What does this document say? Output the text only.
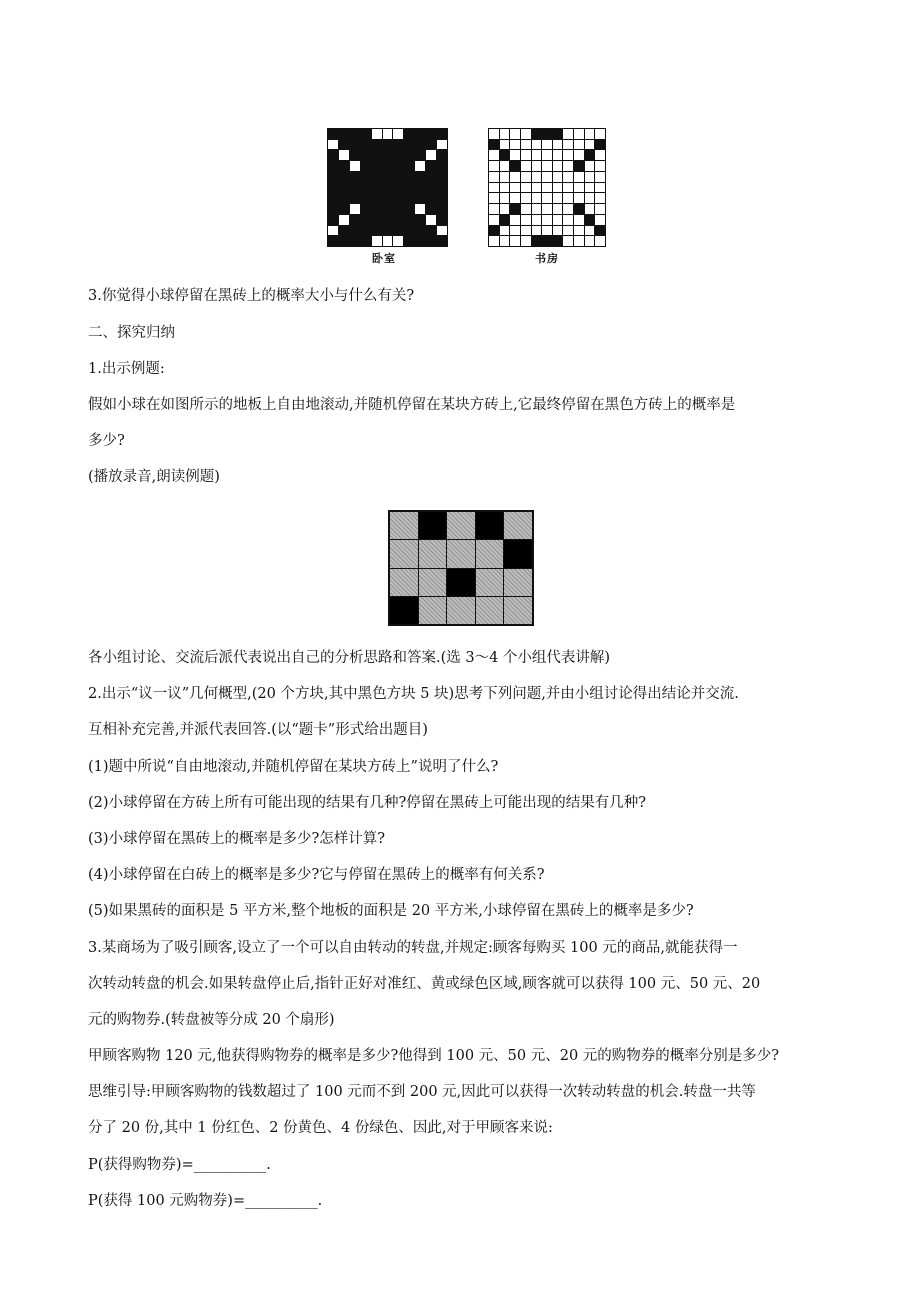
卧室	书房
3.你觉得小球停留在黑砖上的概率大小与什么有关?
二、探究归纳
1.出示例题:
假如小球在如图所示的地板上自由地滚动,并随机停留在某块方砖上,它最终停留在黑色方砖上的概率是
多少?
(播放录音,朗读例题)
各小组讨论、交流后派代表说出自己的分析思路和答案.(选 3～4 个小组代表讲解)
2.出示“议一议”几何概型,(20 个方块,其中黑色方块 5 块)思考下列问题,并由小组讨论得出结论并交流.
互相补充完善,并派代表回答.(以“题卡”形式给出题目)
(1)题中所说“自由地滚动,并随机停留在某块方砖上”说明了什么?
(2)小球停留在方砖上所有可能出现的结果有几种?停留在黑砖上可能出现的结果有几种?
(3)小球停留在黑砖上的概率是多少?怎样计算?
(4)小球停留在白砖上的概率是多少?它与停留在黑砖上的概率有何关系?
(5)如果黑砖的面积是 5 平方米,整个地板的面积是 20 平方米,小球停留在黑砖上的概率是多少?
3.某商场为了吸引顾客,设立了一个可以自由转动的转盘,并规定:顾客每购买 100 元的商品,就能获得一
次转动转盘的机会.如果转盘停止后,指针正好对准红、黄或绿色区域,顾客就可以获得 100 元、50 元、20
元的购物券.(转盘被等分成 20 个扇形)
甲顾客购物 120 元,他获得购物券的概率是多少?他得到 100 元、50 元、20 元的购物券的概率分别是多少?
思维引导:甲顾客购物的钱数超过了 100 元而不到 200 元,因此可以获得一次转动转盘的机会.转盘一共等
分了 20 份,其中 1 份红色、2 份黄色、4 份绿色、因此,对于甲顾客来说:
P(获得购物券)=__________.
P(获得 100 元购物券)=__________.
